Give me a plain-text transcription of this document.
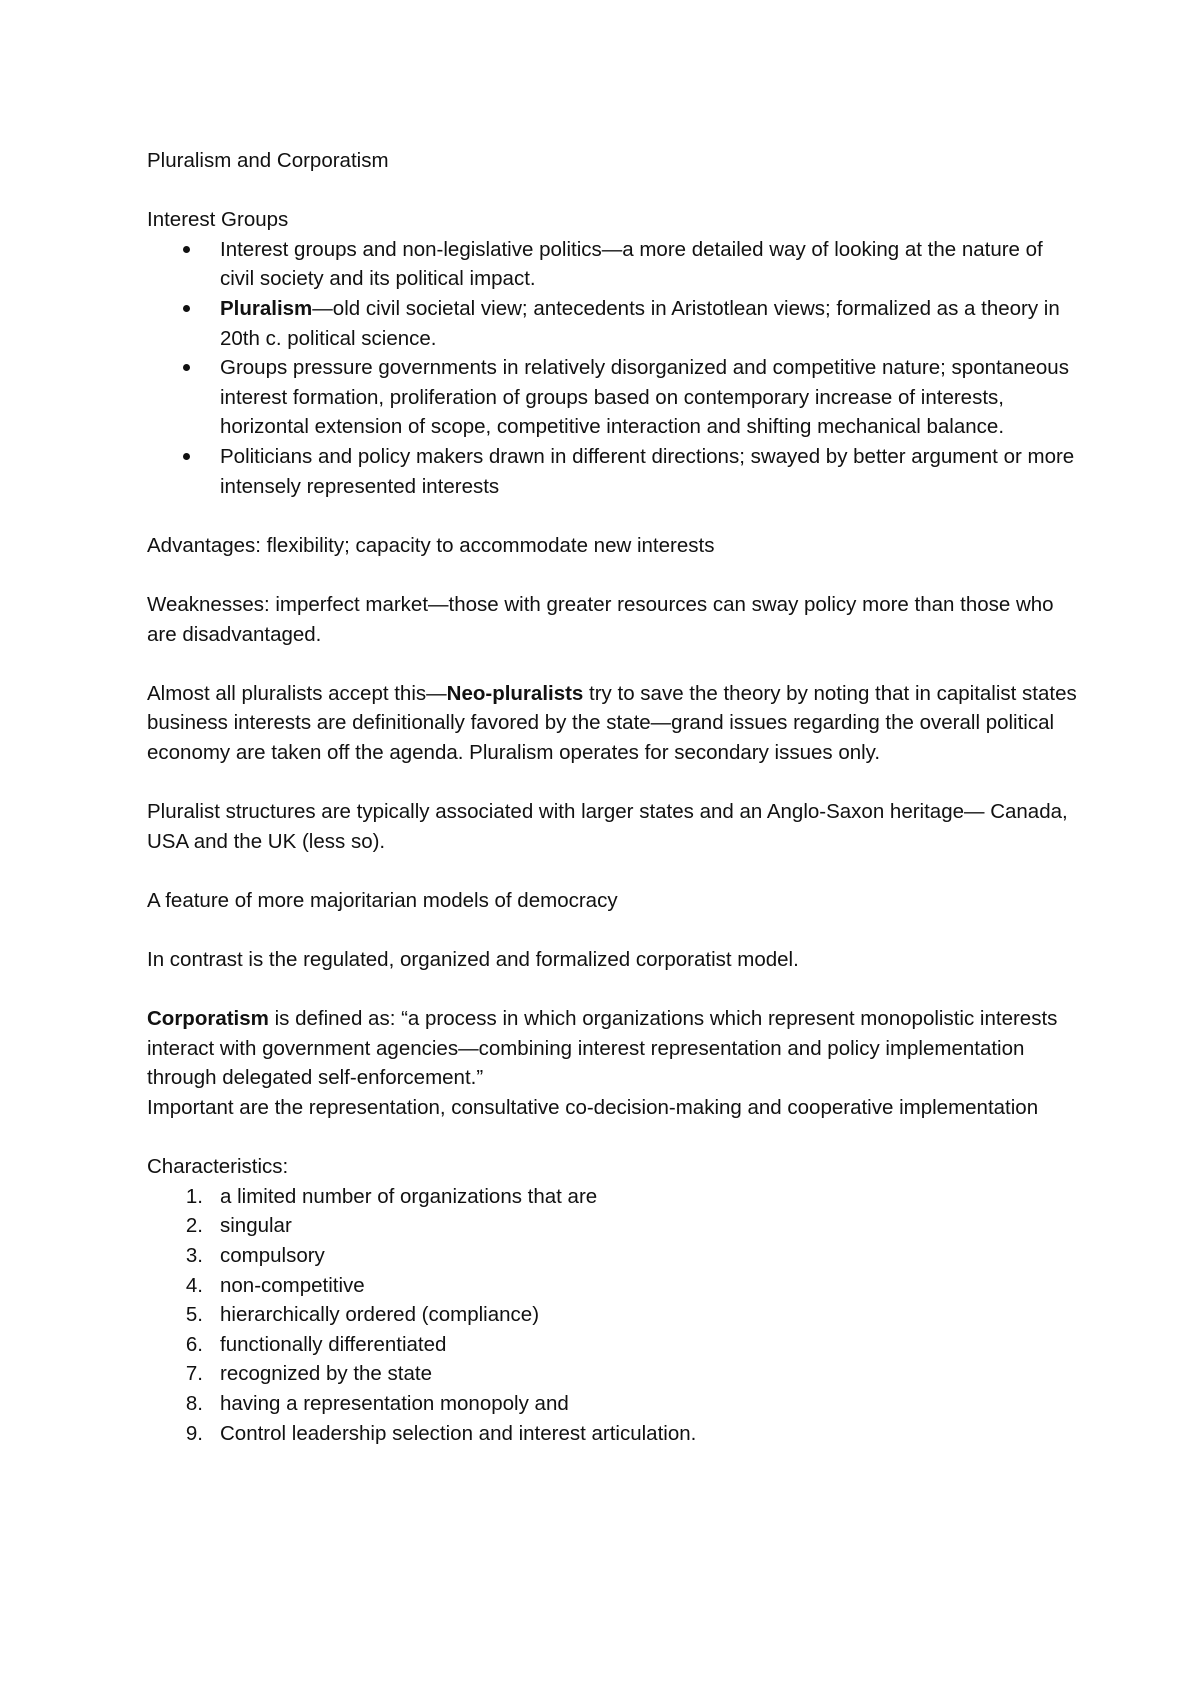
Pluralism and Corporatism

Interest Groups

Interest groups and non-legislative politics—a more detailed way of looking at the nature of civil society and its political impact.
Pluralism—old civil societal view; antecedents in Aristotlean views; formalized as a theory in 20th c. political science.
Groups pressure governments in relatively disorganized and competitive nature; spontaneous interest formation, proliferation of groups based on contemporary increase of interests, horizontal extension of scope, competitive interaction and shifting mechanical balance.
Politicians and policy makers drawn in different directions; swayed by better argument or more intensely represented interests

Advantages: flexibility; capacity to accommodate new interests

Weaknesses: imperfect market—those with greater resources can sway policy more than those who are disadvantaged.

Almost all pluralists accept this—Neo-pluralists try to save the theory by noting that in capitalist states business interests are definitionally favored by the state—grand issues regarding the overall political economy are taken off the agenda. Pluralism operates for secondary issues only.

Pluralist structures are typically associated with larger states and an Anglo-Saxon heritage— Canada, USA and the UK (less so).

A feature of more majoritarian models of democracy

In contrast is the regulated, organized and formalized corporatist model.

Corporatism is defined as: “a process in which organizations which represent monopolistic interests interact with government agencies—combining interest representation and policy implementation through delegated self-enforcement.”

Important are the representation, consultative co-decision-making and cooperative implementation

Characteristics:

1. a limited number of organizations that are
2. singular
3. compulsory
4. non-competitive
5. hierarchically ordered (compliance)
6. functionally differentiated
7. recognized by the state
8. having a representation monopoly and
9. Control leadership selection and interest articulation.
